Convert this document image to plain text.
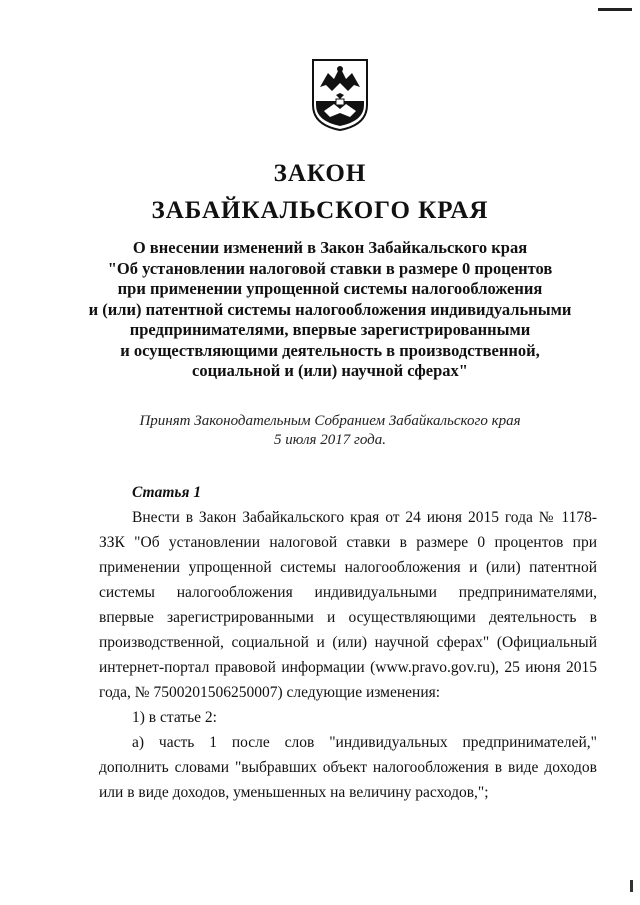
ЗАКОН
ЗАБАЙКАЛЬСКОГО КРАЯ
О внесении изменений в Закон Забайкальского края
"Об установлении налоговой ставки в размере 0 процентов
при применении упрощенной системы налогообложения
и (или) патентной системы налогообложения индивидуальными
предпринимателями, впервые зарегистрированными
и осуществляющими деятельность в производственной,
социальной и (или) научной сферах"
Принят Законодательным Собранием Забайкальского края
5 июля 2017 года.
Статья 1

Внести в Закон Забайкальского края от 24 июня 2015 года № 1178-ЗЗК "Об установлении налоговой ставки в размере 0 процентов при применении упрощенной системы налогообложения и (или) патентной системы налогообложения индивидуальными предпринимателями, впервые зарегистрированными и осуществляющими деятельность в производственной, социальной и (или) научной сферах" (Официальный интернет-портал правовой информации (www.pravo.gov.ru), 25 июня 2015 года, № 7500201506250007) следующие изменения:

1) в статье 2:

а) часть 1 после слов "индивидуальных предпринимателей," дополнить словами "выбравших объект налогообложения в виде доходов или в виде доходов, уменьшенных на величину расходов,";
